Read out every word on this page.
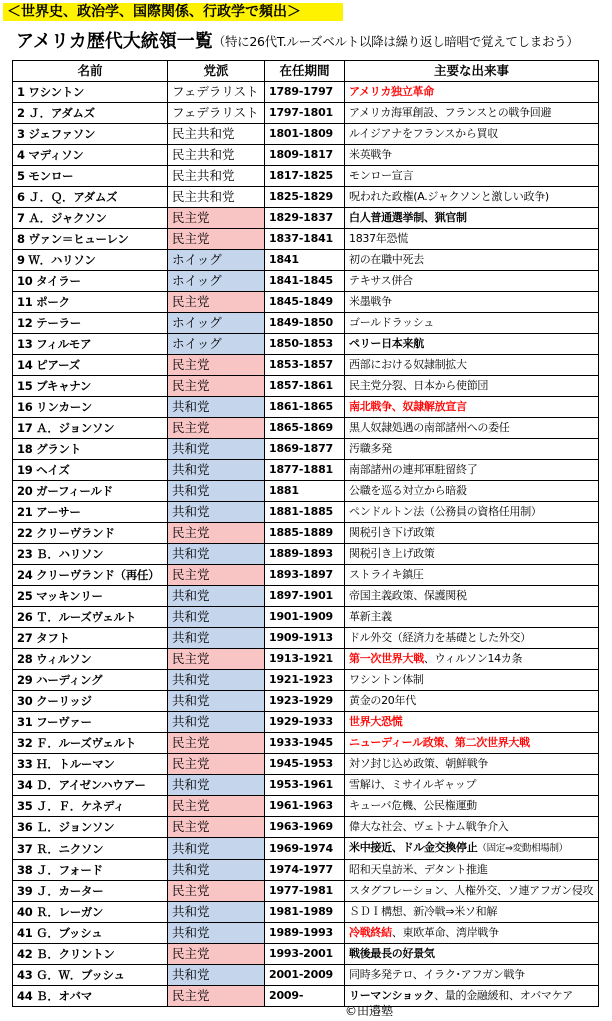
＜世界史、政治学、国際関係、行政学で頻出＞
アメリカ歴代大統領一覧（特に26代T.ルーズベルト以降は繰り返し暗唱で覚えてしまおう）
名前	党派	在任期間	主要な出来事
1 ワシントン	フェデラリスト	1789-1797	アメリカ独立革命
2 Ｊ．アダムズ	フェデラリスト	1797-1801	アメリカ海軍創設、フランスとの戦争回避
3 ジェファソン	民主共和党	1801-1809	ルイジアナをフランスから買収
4 マディソン	民主共和党	1809-1817	米英戦争
5 モンロー	民主共和党	1817-1825	モンロー宣言
6 Ｊ．Ｑ．アダムズ	民主共和党	1825-1829	呪われた政権(A.ジャクソンと激しい政争)
7 Ａ．ジャクソン	民主党	1829-1837	白人普通選挙制、猟官制
8 ヴァン＝ヒューレン	民主党	1837-1841	1837年恐慌
9 Ｗ．ハリソン	ホイッグ	1841	初の在職中死去
10 タイラー	ホイッグ	1841-1845	テキサス併合
11 ポーク	民主党	1845-1849	米墨戦争
12 テーラー	ホイッグ	1849-1850	ゴールドラッシュ
13 フィルモア	ホイッグ	1850-1853	ペリー日本来航
14 ピアーズ	民主党	1853-1857	西部における奴隷制拡大
15 ブキャナン	民主党	1857-1861	民主党分裂、日本から使節団
16 リンカーン	共和党	1861-1865	南北戦争、奴隷解放宣言
17 Ａ．ジョンソン	民主党	1865-1869	黒人奴隷処遇の南部諸州への委任
18 グラント	共和党	1869-1877	汚職多発
19 ヘイズ	共和党	1877-1881	南部諸州の連邦軍駐留終了
20 ガーフィールド	共和党	1881	公職を巡る対立から暗殺
21 アーサー	共和党	1881-1885	ペンドルトン法（公務員の資格任用制）
22 クリーヴランド	民主党	1885-1889	関税引き下げ政策
23 Ｂ．ハリソン	共和党	1889-1893	関税引き上げ政策
24 クリーヴランド（再任）	民主党	1893-1897	ストライキ鎮圧
25 マッキンリー	共和党	1897-1901	帝国主義政策、保護関税
26 Ｔ．ルーズヴェルト	共和党	1901-1909	革新主義
27 タフト	共和党	1909-1913	ドル外交（経済力を基礎とした外交）
28 ウィルソン	民主党	1913-1921	第一次世界大戦、ウィルソン14カ条
29 ハーディング	共和党	1921-1923	ワシントン体制
30 クーリッジ	共和党	1923-1929	黄金の20年代
31 フーヴァー	共和党	1929-1933	世界大恐慌
32 Ｆ．ルーズヴェルト	民主党	1933-1945	ニューディール政策、第二次世界大戦
33 Ｈ．トルーマン	民主党	1945-1953	対ソ封じ込め政策、朝鮮戦争
34 Ｄ．アイゼンハウアー	共和党	1953-1961	雪解け、ミサイルギャップ
35 Ｊ．Ｆ．ケネディ	民主党	1961-1963	キューバ危機、公民権運動
36 Ｌ．ジョンソン	民主党	1963-1969	偉大な社会、ヴェトナム戦争介入
37 Ｒ．ニクソン	共和党	1969-1974	米中接近、ドル金交換停止（固定⇒変動相場制）
38 Ｊ．フォード	共和党	1974-1977	昭和天皇訪米、デタント推進
39 Ｊ．カーター	民主党	1977-1981	スタグフレーション、人権外交、ソ連アフガン侵攻
40 Ｒ．レーガン	共和党	1981-1989	ＳＤＩ構想、新冷戦⇒米ソ和解
41 Ｇ．ブッシュ	共和党	1989-1993	冷戦終結、東欧革命、湾岸戦争
42 Ｂ．クリントン	民主党	1993-2001	戦後最長の好景気
43 Ｇ．Ｗ．ブッシュ	共和党	2001-2009	同時多発テロ、イラク･アフガン戦争
44 Ｂ．オバマ	民主党	2009-	リーマンショック、量的金融緩和、オバマケア
©田邉塾
